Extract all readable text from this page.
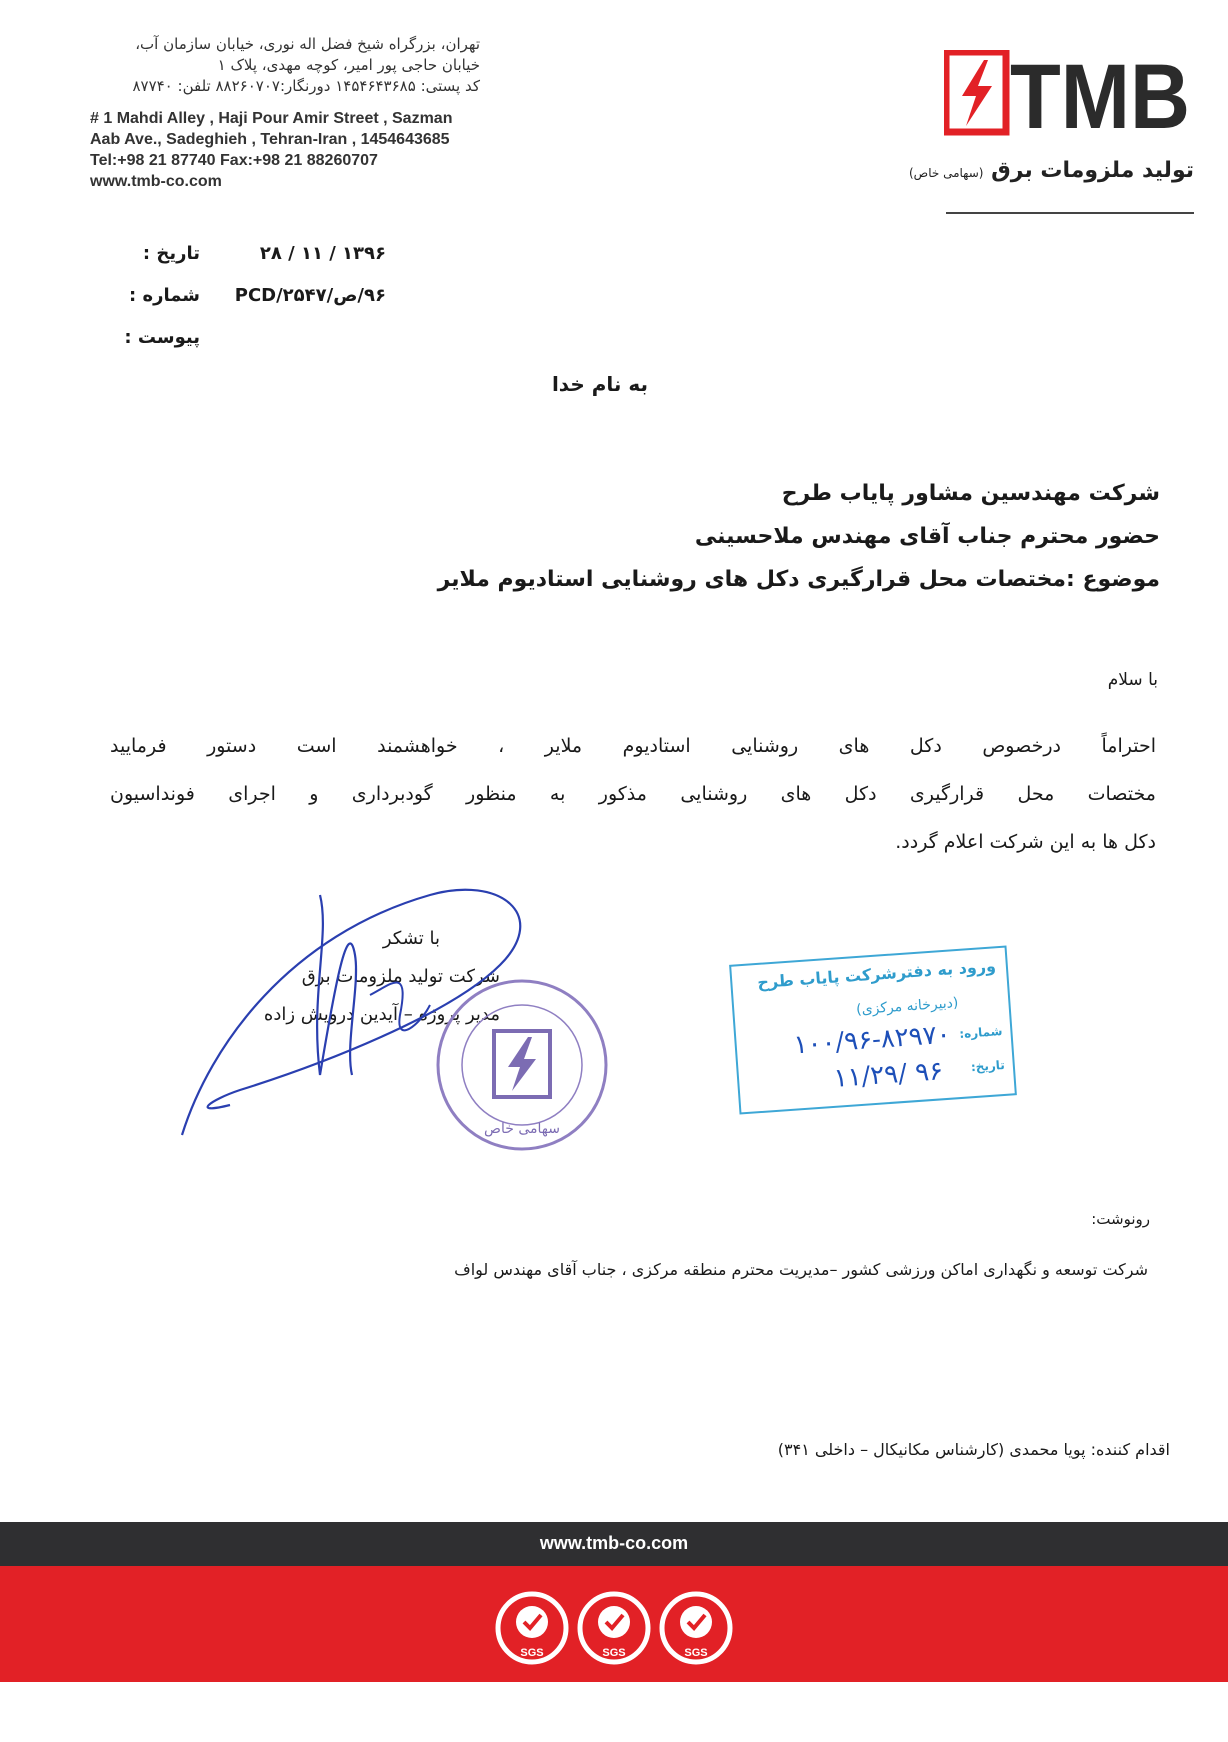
تهران، بزرگراه شیخ فضل اله نوری، خیابان سازمان آب،
خیابان حاجی پور امیر، کوچه مهدی، پلاک ۱
کد پستی: ۱۴۵۴۶۴۳۶۸۵ دورنگار:۸۸۲۶۰۷۰۷ تلفن: ۸۷۷۴۰
# 1 Mahdi Alley , Haji Pour Amir Street , Sazman
Aab Ave., Sadeghieh , Tehran-Iran , 1454643685
Tel:+98 21 87740 Fax:+98 21 88260707
www.tmb-co.com
TMB
تولید ملزومات برق (سهامی خاص)
تاریخ :	۱۳۹۶ / ۱۱ / ۲۸
شماره :	۹۶/ص/PCD/۲۵۴۷
پیوست :
به نام خدا
شرکت مهندسین مشاور پایاب طرح
حضور محترم جناب آقای مهندس ملاحسینی
موضوع :مختصات محل قرارگیری دکل های روشنایی استادیوم ملایر
با سلام

احتراماً درخصوص دکل های روشنایی استادیوم ملایر ، خواهشمند است دستور فرمایید

مختصات محل قرارگیری دکل های روشنایی مذکور به منظور گودبرداری و اجرای فونداسیون

دکل ها به این شرکت اعلام گردد.

با تشکر
شرکت تولید ملزومات برق
مدیر پروژه – آیدین درویش زاده
سهامی خاص
ورود به دفترشرکت پایاب طرح
(دبیرخانه مرکزی)
شماره:
۱۰۰/۹۶-۸۲۹۷۰
تاریخ:
۹۶ /۱۱/۲۹
رونوشت:
شرکت توسعه و نگهداری اماکن ورزشی کشور –مدیریت محترم منطقه مرکزی ، جناب آقای مهندس لواف
اقدام کننده: پویا محمدی (کارشناس مکانیکال – داخلی ۳۴۱)
www.tmb-co.com
SGS	SGS	SGS
